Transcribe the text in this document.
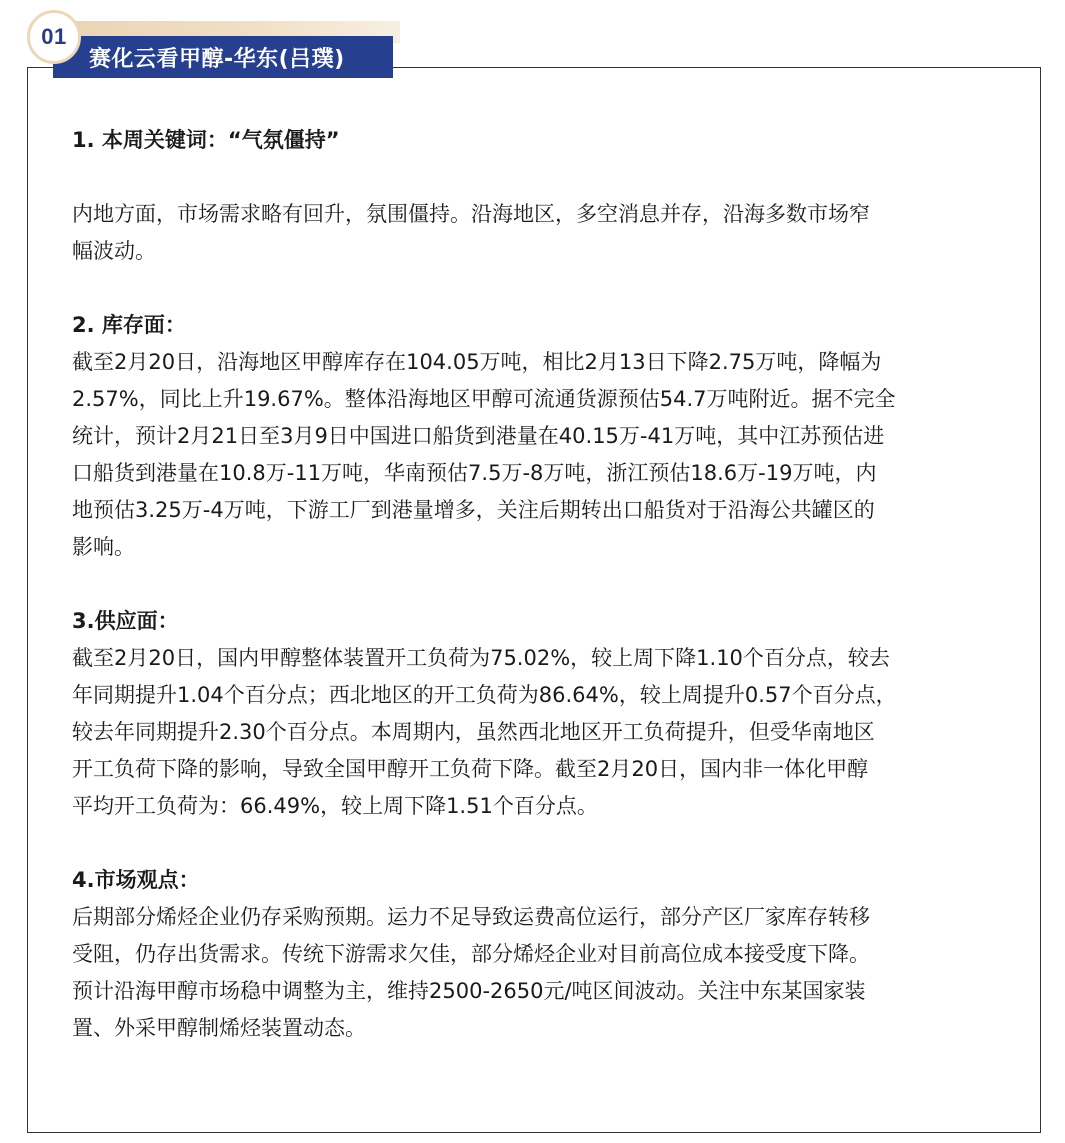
01
赛化云看甲醇-华东(吕璞)

1. 本周关键词：“气氛僵持”

内地方面，市场需求略有回升，氛围僵持。沿海地区，多空消息并存，沿海多数市场窄

幅波动。

2. 库存面：

截至2月20日，沿海地区甲醇库存在104.05万吨，相比2月13日下降2.75万吨，降幅为

2.57%，同比上升19.67%。整体沿海地区甲醇可流通货源预估54.7万吨附近。据不完全

统计，预计2月21日至3月9日中国进口船货到港量在40.15万-41万吨，其中江苏预估进

口船货到港量在10.8万-11万吨，华南预估7.5万-8万吨，浙江预估18.6万-19万吨，内

地预估3.25万-4万吨，下游工厂到港量增多，关注后期转出口船货对于沿海公共罐区的

影响。

3.供应面：

截至2月20日，国内甲醇整体装置开工负荷为75.02%，较上周下降1.10个百分点，较去

年同期提升1.04个百分点；西北地区的开工负荷为86.64%，较上周提升0.57个百分点，

较去年同期提升2.30个百分点。本周期内，虽然西北地区开工负荷提升，但受华南地区

开工负荷下降的影响，导致全国甲醇开工负荷下降。截至2月20日，国内非一体化甲醇

平均开工负荷为：66.49%，较上周下降1.51个百分点。

4.市场观点：

后期部分烯烃企业仍存采购预期。运力不足导致运费高位运行，部分产区厂家库存转移

受阻，仍存出货需求。传统下游需求欠佳，部分烯烃企业对目前高位成本接受度下降。

预计沿海甲醇市场稳中调整为主，维持2500-2650元/吨区间波动。关注中东某国家装

置、外采甲醇制烯烃装置动态。
